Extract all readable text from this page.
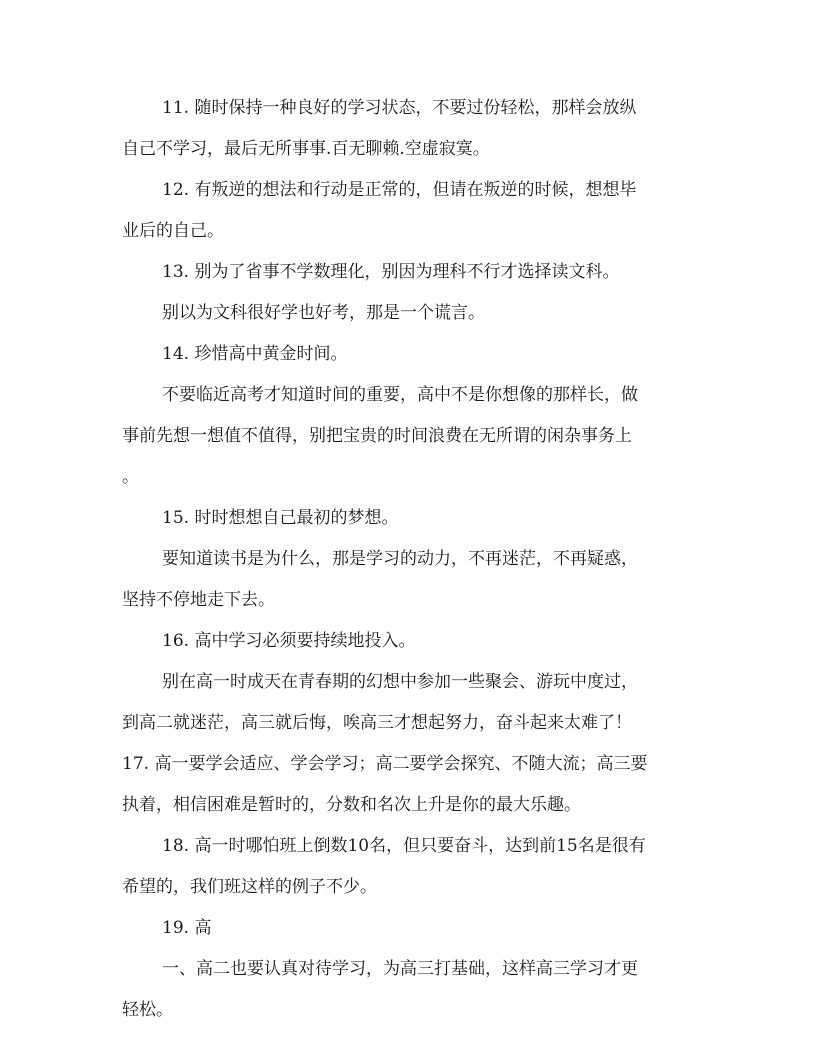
11. 随时保持一种良好的学习状态，不要过份轻松，那样会放纵

自己不学习，最后无所事事.百无聊赖.空虚寂寞。

12. 有叛逆的想法和行动是正常的，但请在叛逆的时候，想想毕

业后的自己。

13. 别为了省事不学数理化，别因为理科不行才选择读文科。

别以为文科很好学也好考，那是一个谎言。

14. 珍惜高中黄金时间。

不要临近高考才知道时间的重要，高中不是你想像的那样长，做

事前先想一想值不值得，别把宝贵的时间浪费在无所谓的闲杂事务上

。

15. 时时想想自己最初的梦想。

要知道读书是为什么，那是学习的动力，不再迷茫，不再疑惑，

坚持不停地走下去。

16. 高中学习必须要持续地投入。

别在高一时成天在青春期的幻想中参加一些聚会、游玩中度过，

到高二就迷茫，高三就后悔，唉高三才想起努力，奋斗起来太难了！

17. 高一要学会适应、学会学习；高二要学会探究、不随大流；高三要

执着，相信困难是暂时的，分数和名次上升是你的最大乐趣。

18. 高一时哪怕班上倒数10名，但只要奋斗，达到前15名是很有

希望的，我们班这样的例子不少。

19. 高

一、高二也要认真对待学习，为高三打基础，这样高三学习才更

轻松。
